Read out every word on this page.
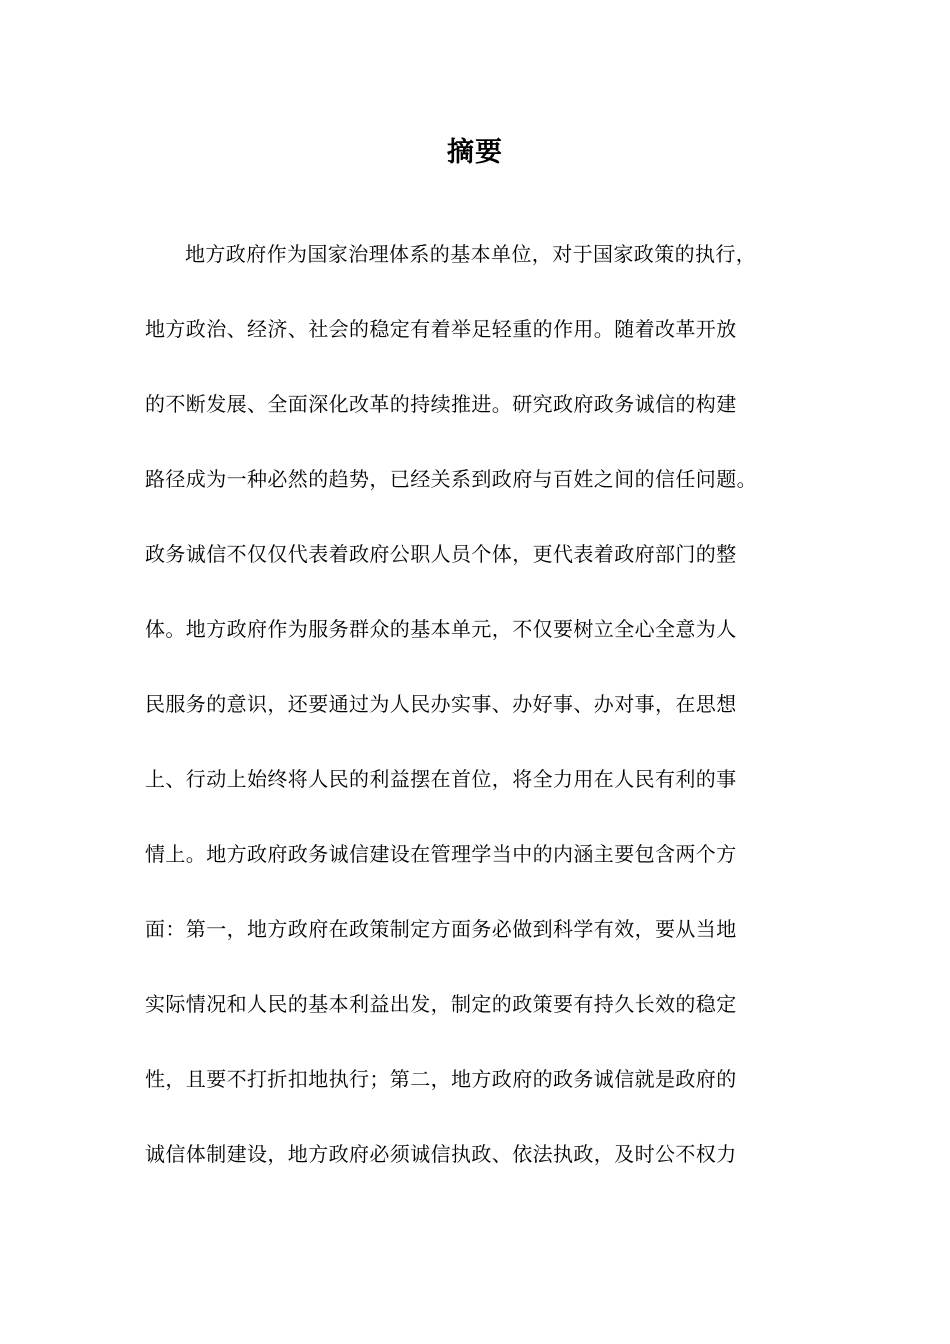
摘要
地方政府作为国家治理体系的基本单位，对于国家政策的执行，
地方政治、经济、社会的稳定有着举足轻重的作用。随着改革开放
的不断发展、全面深化改革的持续推进。研究政府政务诚信的构建
路径成为一种必然的趋势，已经关系到政府与百姓之间的信任问题。
政务诚信不仅仅代表着政府公职人员个体，更代表着政府部门的整
体。地方政府作为服务群众的基本单元，不仅要树立全心全意为人
民服务的意识，还要通过为人民办实事、办好事、办对事，在思想
上、行动上始终将人民的利益摆在首位，将全力用在人民有利的事
情上。地方政府政务诚信建设在管理学当中的内涵主要包含两个方
面：第一，地方政府在政策制定方面务必做到科学有效，要从当地
实际情况和人民的基本利益出发，制定的政策要有持久长效的稳定
性，且要不打折扣地执行；第二，地方政府的政务诚信就是政府的
诚信体制建设，地方政府必须诚信执政、依法执政，及时公不权力
